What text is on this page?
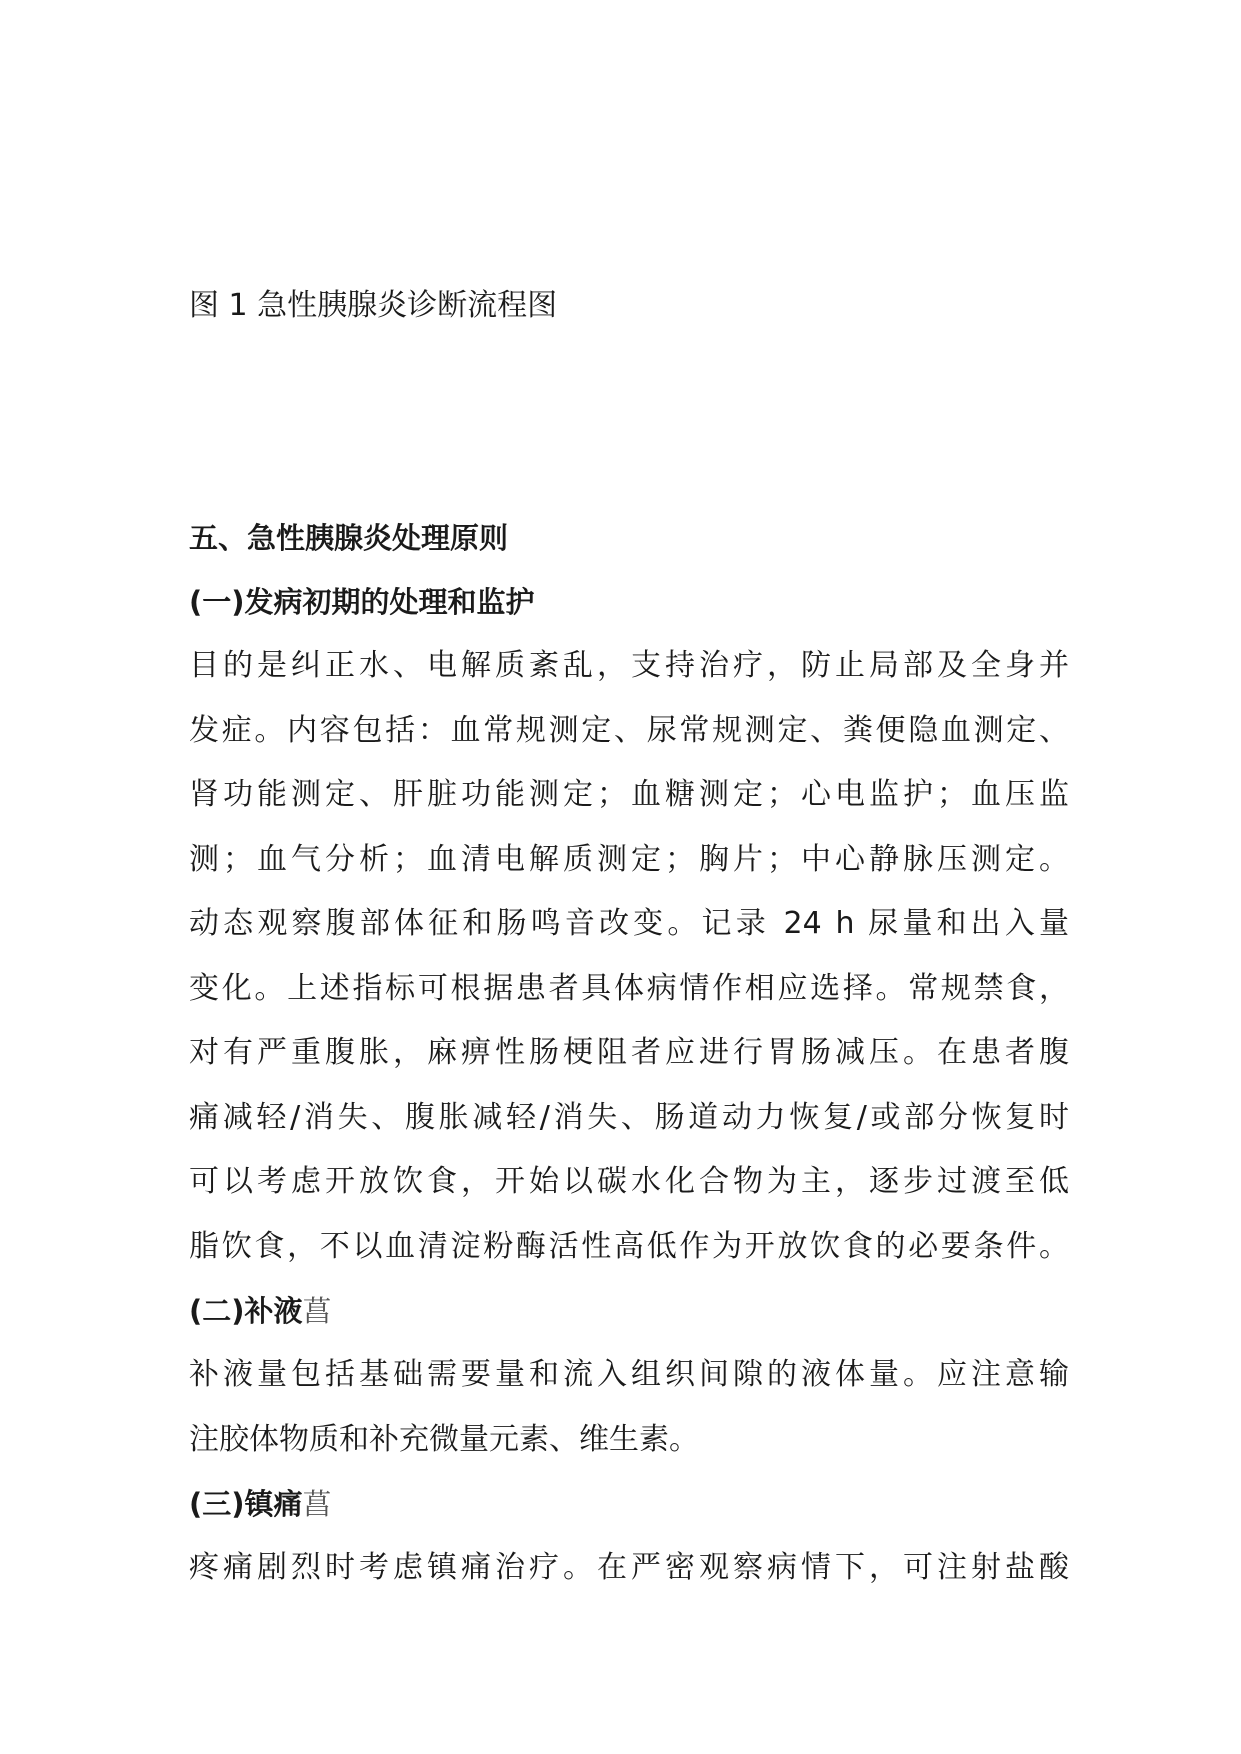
图 1 急性胰腺炎诊断流程图
五、急性胰腺炎处理原则
(一)发病初期的处理和监护
目的是纠正水、电解质紊乱，支持治疗，防止局部及全身并
发症。内容包括：血常规测定、尿常规测定、粪便隐血测定、
肾功能测定、肝脏功能测定；血糖测定；心电监护；血压监
测；血气分析；血清电解质测定；胸片；中心静脉压测定。
动态观察腹部体征和肠鸣音改变。记录 24 h 尿量和出入量
变化。上述指标可根据患者具体病情作相应选择。常规禁食，
对有严重腹胀，麻痹性肠梗阻者应进行胃肠减压。在患者腹
痛减轻/消失、腹胀减轻/消失、肠道动力恢复/或部分恢复时
可以考虑开放饮食，开始以碳水化合物为主，逐步过渡至低
脂饮食，不以血清淀粉酶活性高低作为开放饮食的必要条件。
(二)补液菖
补液量包括基础需要量和流入组织间隙的液体量。应注意输
注胶体物质和补充微量元素、维生素。
(三)镇痛菖
疼痛剧烈时考虑镇痛治疗。在严密观察病情下，可注射盐酸
